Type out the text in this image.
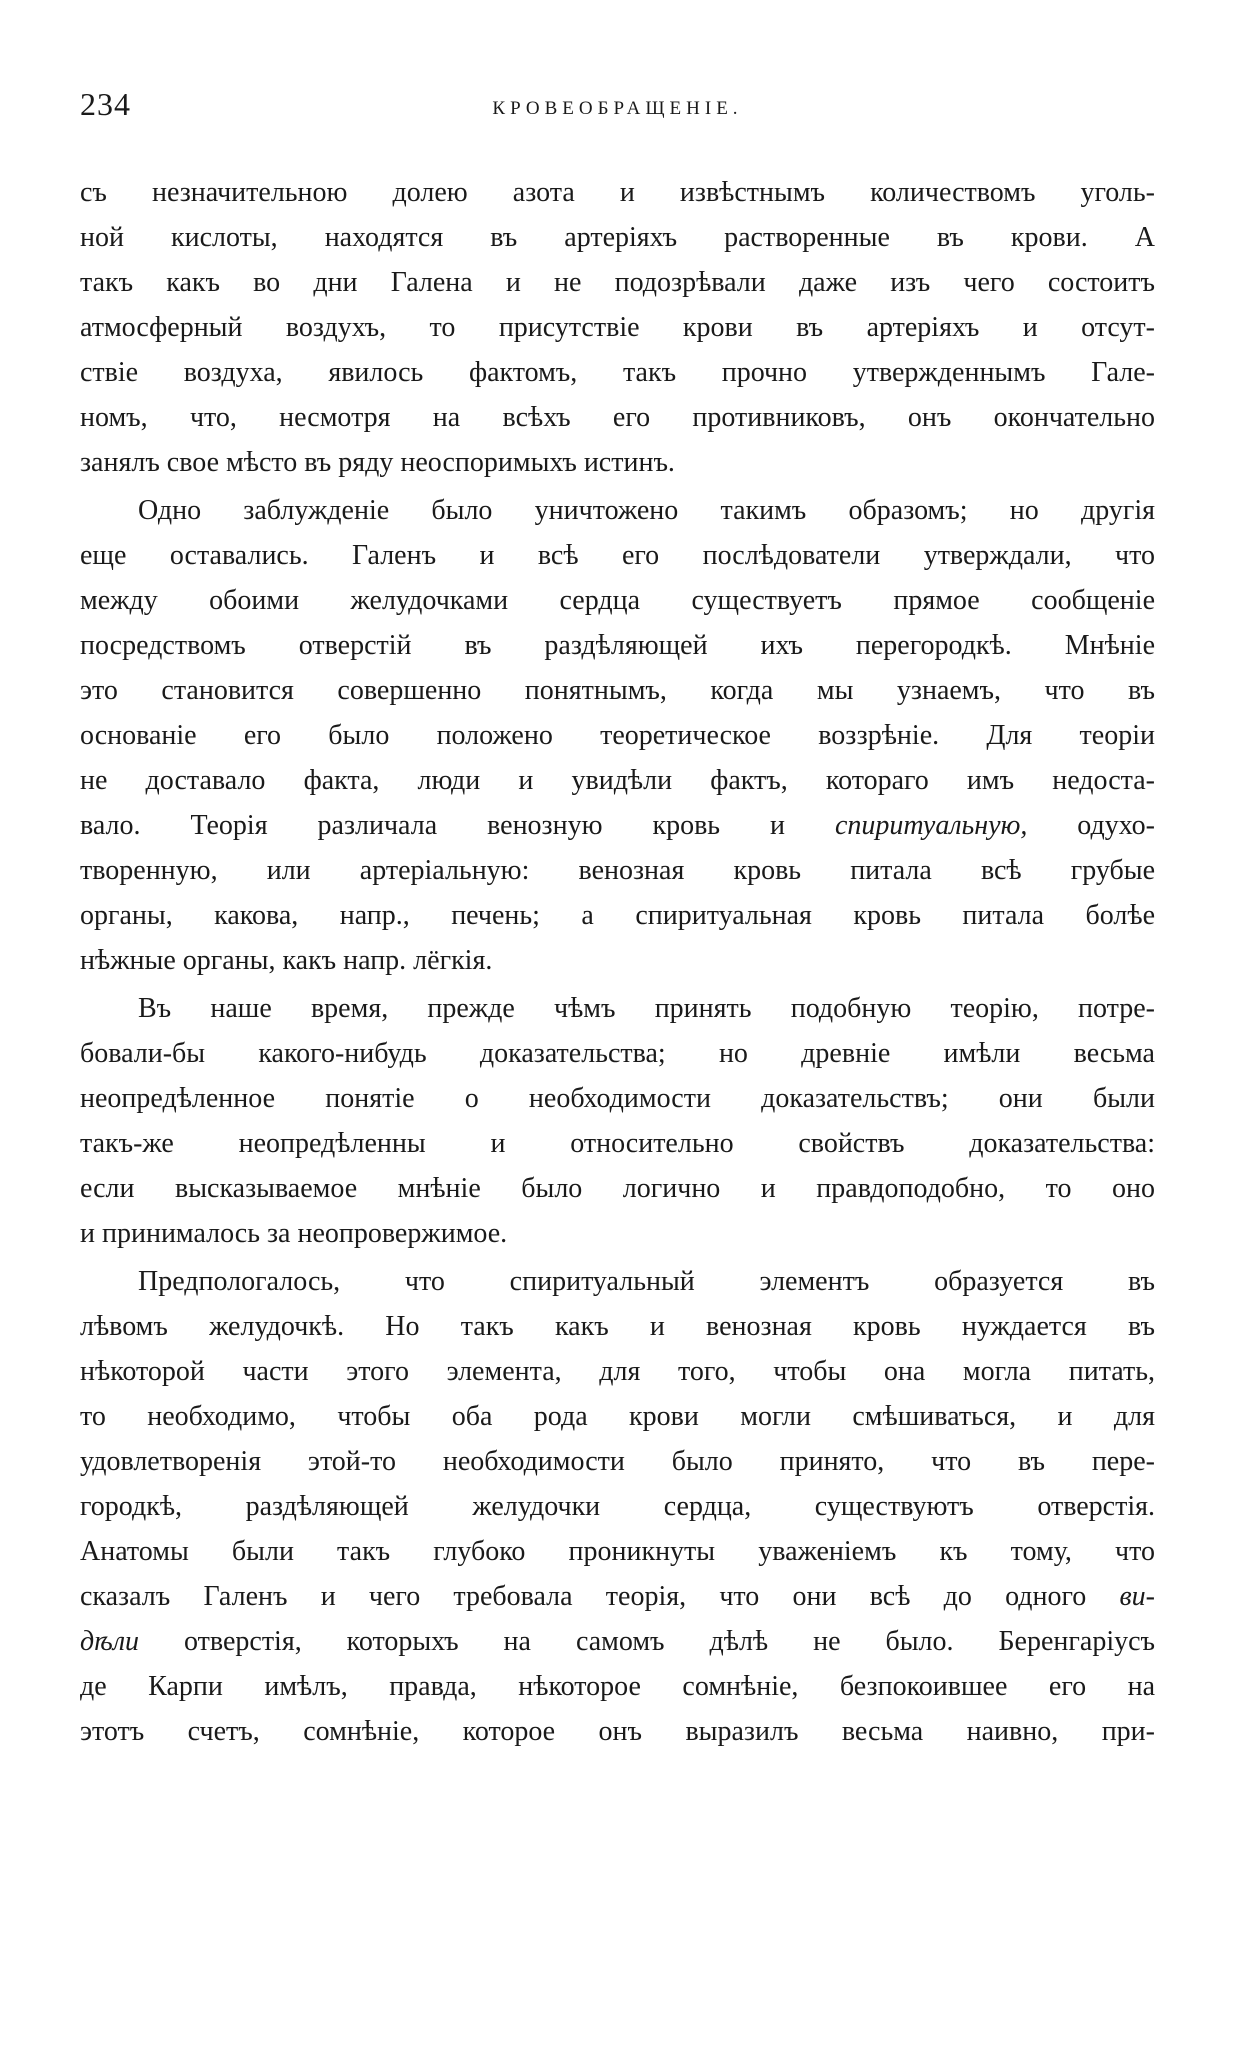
234	КРОВЕОБРАЩЕНІЕ.
съ незначительною долею азота и извѣстнымъ количествомъ уголь-
ной кислоты, находятся въ артеріяхъ растворенные въ крови. А
такъ какъ во дни Галена и не подозрѣвали даже изъ чего состоитъ
атмосферный воздухъ, то присутствіе крови въ артеріяхъ и отсут-
ствіе воздуха, явилось фактомъ, такъ прочно утвержденнымъ Гале-
номъ, что, несмотря на всѣхъ его противниковъ, онъ окончательно
занялъ свое мѣсто въ ряду неоспоримыхъ истинъ.
Одно заблужденіе было уничтожено такимъ образомъ; но другія
еще оставались. Галенъ и всѣ его послѣдователи утверждали, что
между обоими желудочками сердца существуетъ прямое сообщеніе
посредствомъ отверстій въ раздѣляющей ихъ перегородкѣ. Мнѣніе
это становится совершенно понятнымъ, когда мы узнаемъ, что въ
основаніе его было положено теоретическое воззрѣніе. Для теоріи
не доставало факта, люди и увидѣли фактъ, котораго имъ недоста-
вало. Теорія различала венозную кровь и спиритуальную, одухо-
творенную, или артеріальную: венозная кровь питала всѣ грубые
органы, какова, напр., печень; а спиритуальная кровь питала болѣе
нѣжные органы, какъ напр. лёгкія.
Въ наше время, прежде чѣмъ принять подобную теорію, потре-
бовали-бы какого-нибудь доказательства; но древніе имѣли весьма
неопредѣленное понятіе о необходимости доказательствъ; они были
такъ-же неопредѣленны и относительно свойствъ доказательства:
если высказываемое мнѣніе было логично и правдоподобно, то оно
и принималось за неопровержимое.
Предпологалось, что спиритуальный элементъ образуется въ
лѣвомъ желудочкѣ. Но такъ какъ и венозная кровь нуждается въ
нѣкоторой части этого элемента, для того, чтобы она могла питать,
то необходимо, чтобы оба рода крови могли смѣшиваться, и для
удовлетворенія этой-то необходимости было принято, что въ пере-
городкѣ, раздѣляющей желудочки сердца, существуютъ отверстія.
Анатомы были такъ глубоко проникнуты уваженіемъ къ тому, что
сказалъ Галенъ и чего требовала теорія, что они всѣ до одного ви-
дѣли отверстія, которыхъ на самомъ дѣлѣ не было. Беренгаріусъ
де Карпи имѣлъ, правда, нѣкоторое сомнѣніе, безпокоившее его на
этотъ счетъ, сомнѣніе, которое онъ выразилъ весьма наивно, при-
